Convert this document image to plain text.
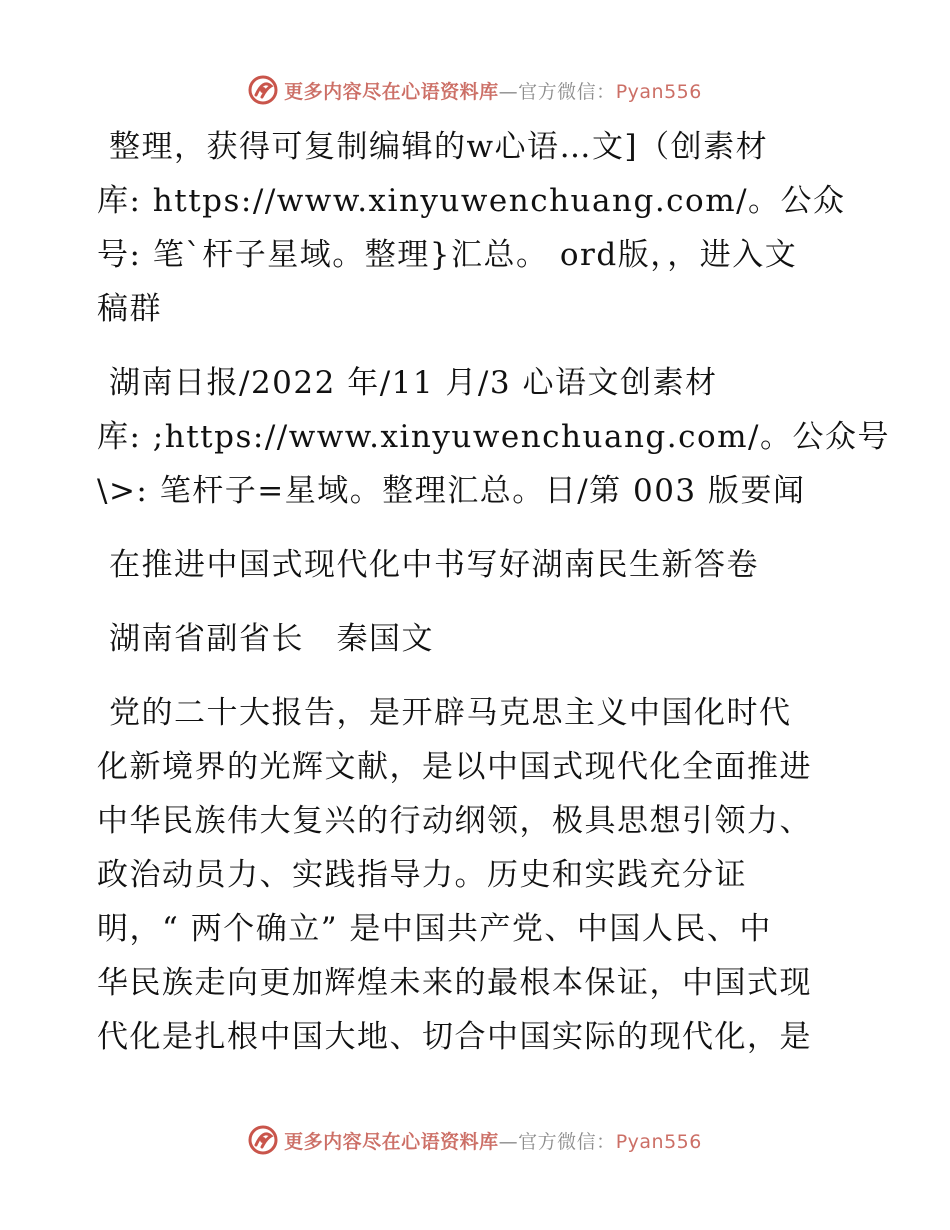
更多内容尽在心语资料库—官方微信：Pyan556
整理，获得可复制编辑的w心语…文]（创素材
库: https://www.xinyuwenchuang.com/。公众
号: 笔`杆子星域。整理}汇总。 ord版，，进入文
稿群
湖南日报/2022 年/11 月/3 心语文创素材
库: ;https://www.xinyuwenchuang.com/。公众号
\>: 笔杆子=星域。整理汇总。日/第 003 版要闻
在推进中国式现代化中书写好湖南民生新答卷
湖南省副省长　秦国文
党的二十大报告，是开辟马克思主义中国化时代
化新境界的光辉文献，是以中国式现代化全面推进
中华民族伟大复兴的行动纲领，极具思想引领力、
政治动员力、实践指导力。历史和实践充分证
明，“ 两个确立” 是中国共产党、中国人民、中
华民族走向更加辉煌未来的最根本保证，中国式现
代化是扎根中国大地、切合中国实际的现代化，是
更多内容尽在心语资料库—官方微信：Pyan556
